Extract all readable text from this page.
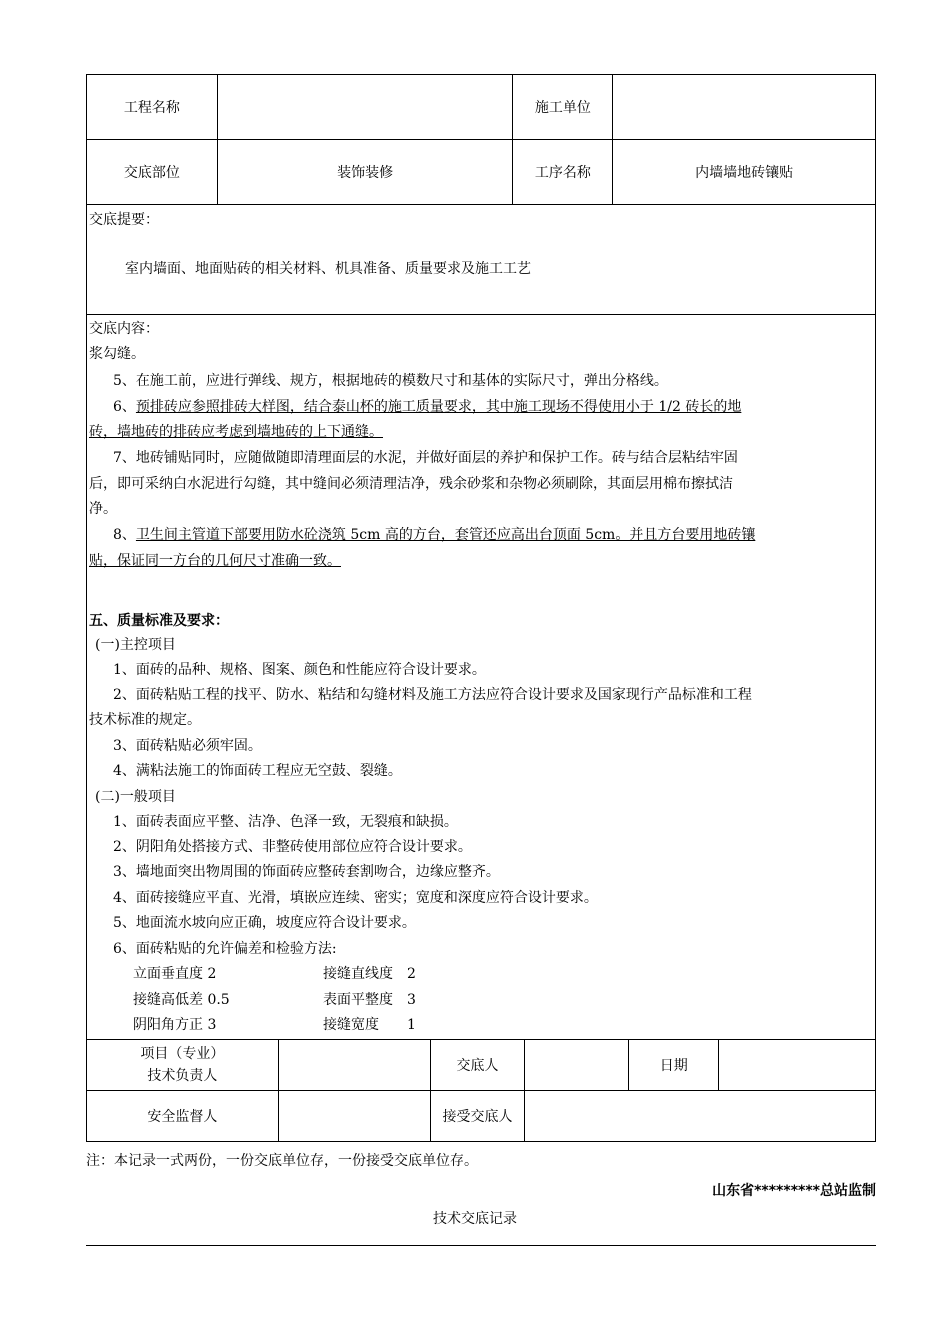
工程名称		施工单位	
交底部位	装饰装修	工序名称	内墙墙地砖镶贴
交底提要：
室内墙面、地面贴砖的相关材料、机具准备、质量要求及施工工艺
交底内容：
浆勾缝。
5、在施工前，应进行弹线、规方，根据地砖的模数尺寸和基体的实际尺寸，弹出分格线。
6、预排砖应参照排砖大样图，结合泰山杯的施工质量要求，其中施工现场不得使用小于 1/2 砖长的地
砖，墙地砖的排砖应考虑到墙地砖的上下通缝。
7、地砖铺贴同时，应随做随即清理面层的水泥，并做好面层的养护和保护工作。砖与结合层粘结牢固
后，即可采纳白水泥进行勾缝，其中缝间必须清理洁净，残余砂浆和杂物必须刷除，其面层用棉布擦拭洁
净。
8、卫生间主管道下部要用防水砼浇筑 5cm 高的方台，套管还应高出台顶面 5cm。并且方台要用地砖镶
贴，保证同一方台的几何尺寸准确一致。
五、质量标准及要求：
(一)主控项目
1、面砖的品种、规格、图案、颜色和性能应符合设计要求。
2、面砖粘贴工程的找平、防水、粘结和勾缝材料及施工方法应符合设计要求及国家现行产品标准和工程
技术标准的规定。
3、面砖粘贴必须牢固。
4、满粘法施工的饰面砖工程应无空鼓、裂缝。
(二)一般项目
1、面砖表面应平整、洁净、色泽一致，无裂痕和缺损。
2、阴阳角处搭接方式、非整砖使用部位应符合设计要求。
3、墙地面突出物周围的饰面砖应整砖套割吻合，边缘应整齐。
4、面砖接缝应平直、光滑，填嵌应连续、密实；宽度和深度应符合设计要求。
5、地面流水坡向应正确，坡度应符合设计要求。
6、面砖粘贴的允许偏差和检验方法:
立面垂直度 2	接缝直线度　2
接缝高低差 0.5	表面平整度　3
阴阳角方正 3	接缝宽度　　1
项目（专业）
技术负责人		交底人		日期	
安全监督人		接受交底人			
注：本记录一式两份，一份交底单位存，一份接受交底单位存。
山东省*********总站监制
技术交底记录
